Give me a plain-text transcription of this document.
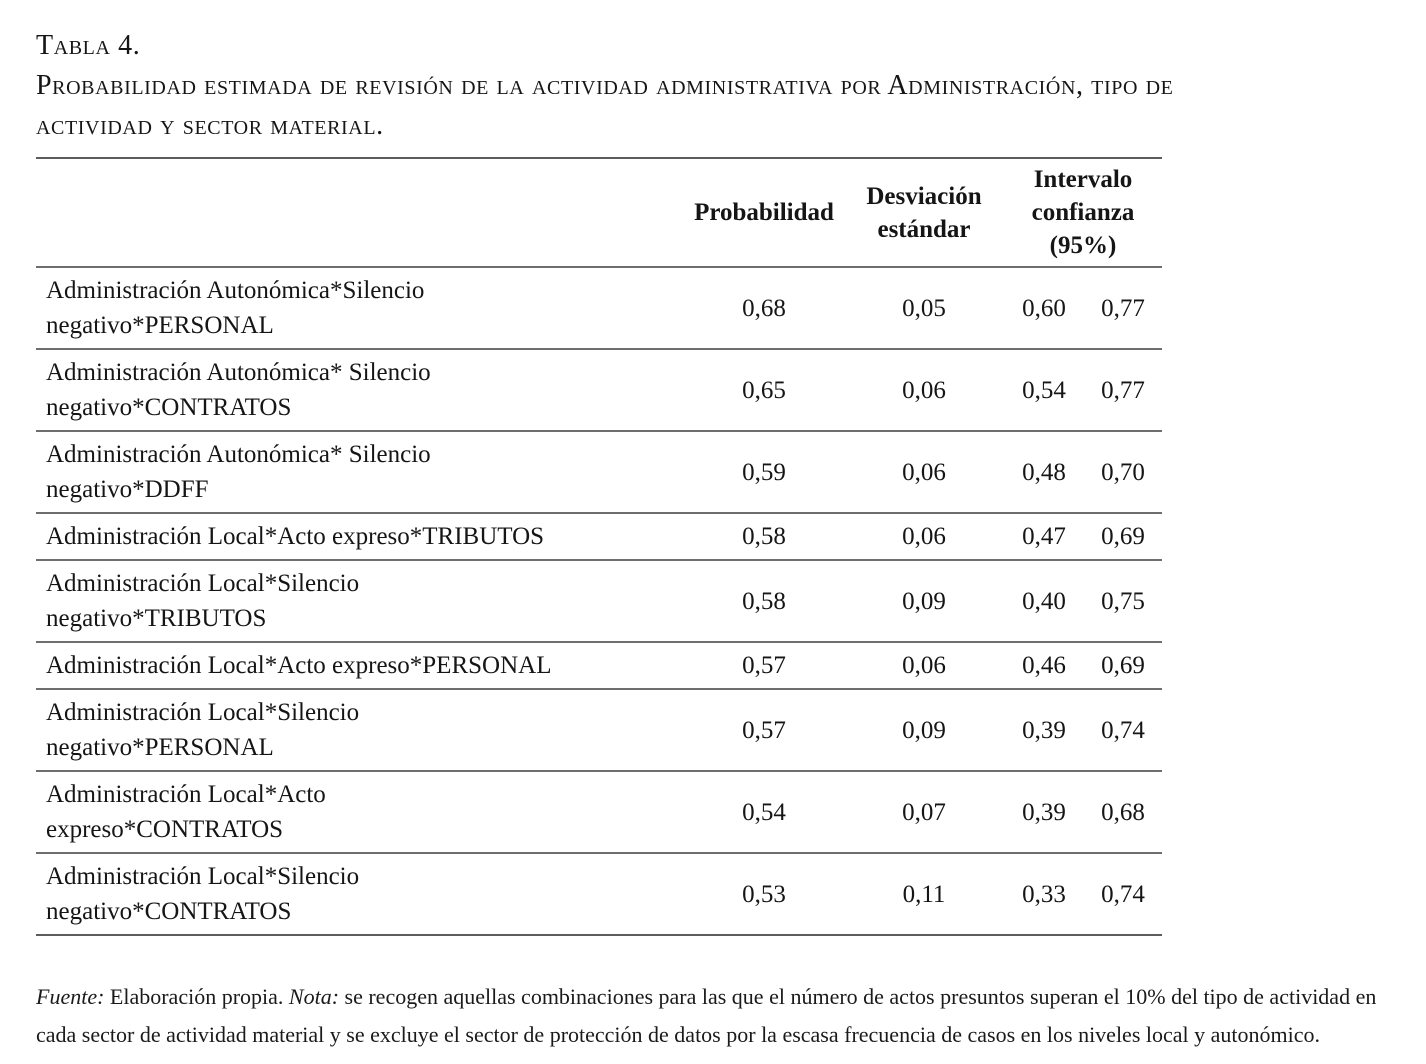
Tabla 4.
Probabilidad estimada de revisión de la actividad administrativa por Administración, tipo de
actividad y sector material.

	Probabilidad	Desviación estándar	Intervalo confianza (95%)	

Administración Autonómica*Silencio
negativo*PERSONAL	0,68	0,05	0,60	0,77

Administración Autonómica* Silencio
negativo*CONTRATOS	0,65	0,06	0,54	0,77

Administración Autonómica* Silencio
negativo*DDFF	0,59	0,06	0,48	0,70

Administración Local*Acto expreso*TRIBUTOS	0,58	0,06	0,47	0,69

Administración Local*Silencio
negativo*TRIBUTOS	0,58	0,09	0,40	0,75

Administración Local*Acto expreso*PERSONAL	0,57	0,06	0,46	0,69

Administración Local*Silencio
negativo*PERSONAL	0,57	0,09	0,39	0,74

Administración Local*Acto
expreso*CONTRATOS	0,54	0,07	0,39	0,68

Administración Local*Silencio
negativo*CONTRATOS	0,53	0,11	0,33	0,74
Fuente: Elaboración propia. Nota: se recogen aquellas combinaciones para las que el número de actos presuntos superan el 10% del tipo de actividad en cada sector de actividad material y se excluye el sector de protección de datos por la escasa frecuencia de casos en los niveles local y autonómico.
